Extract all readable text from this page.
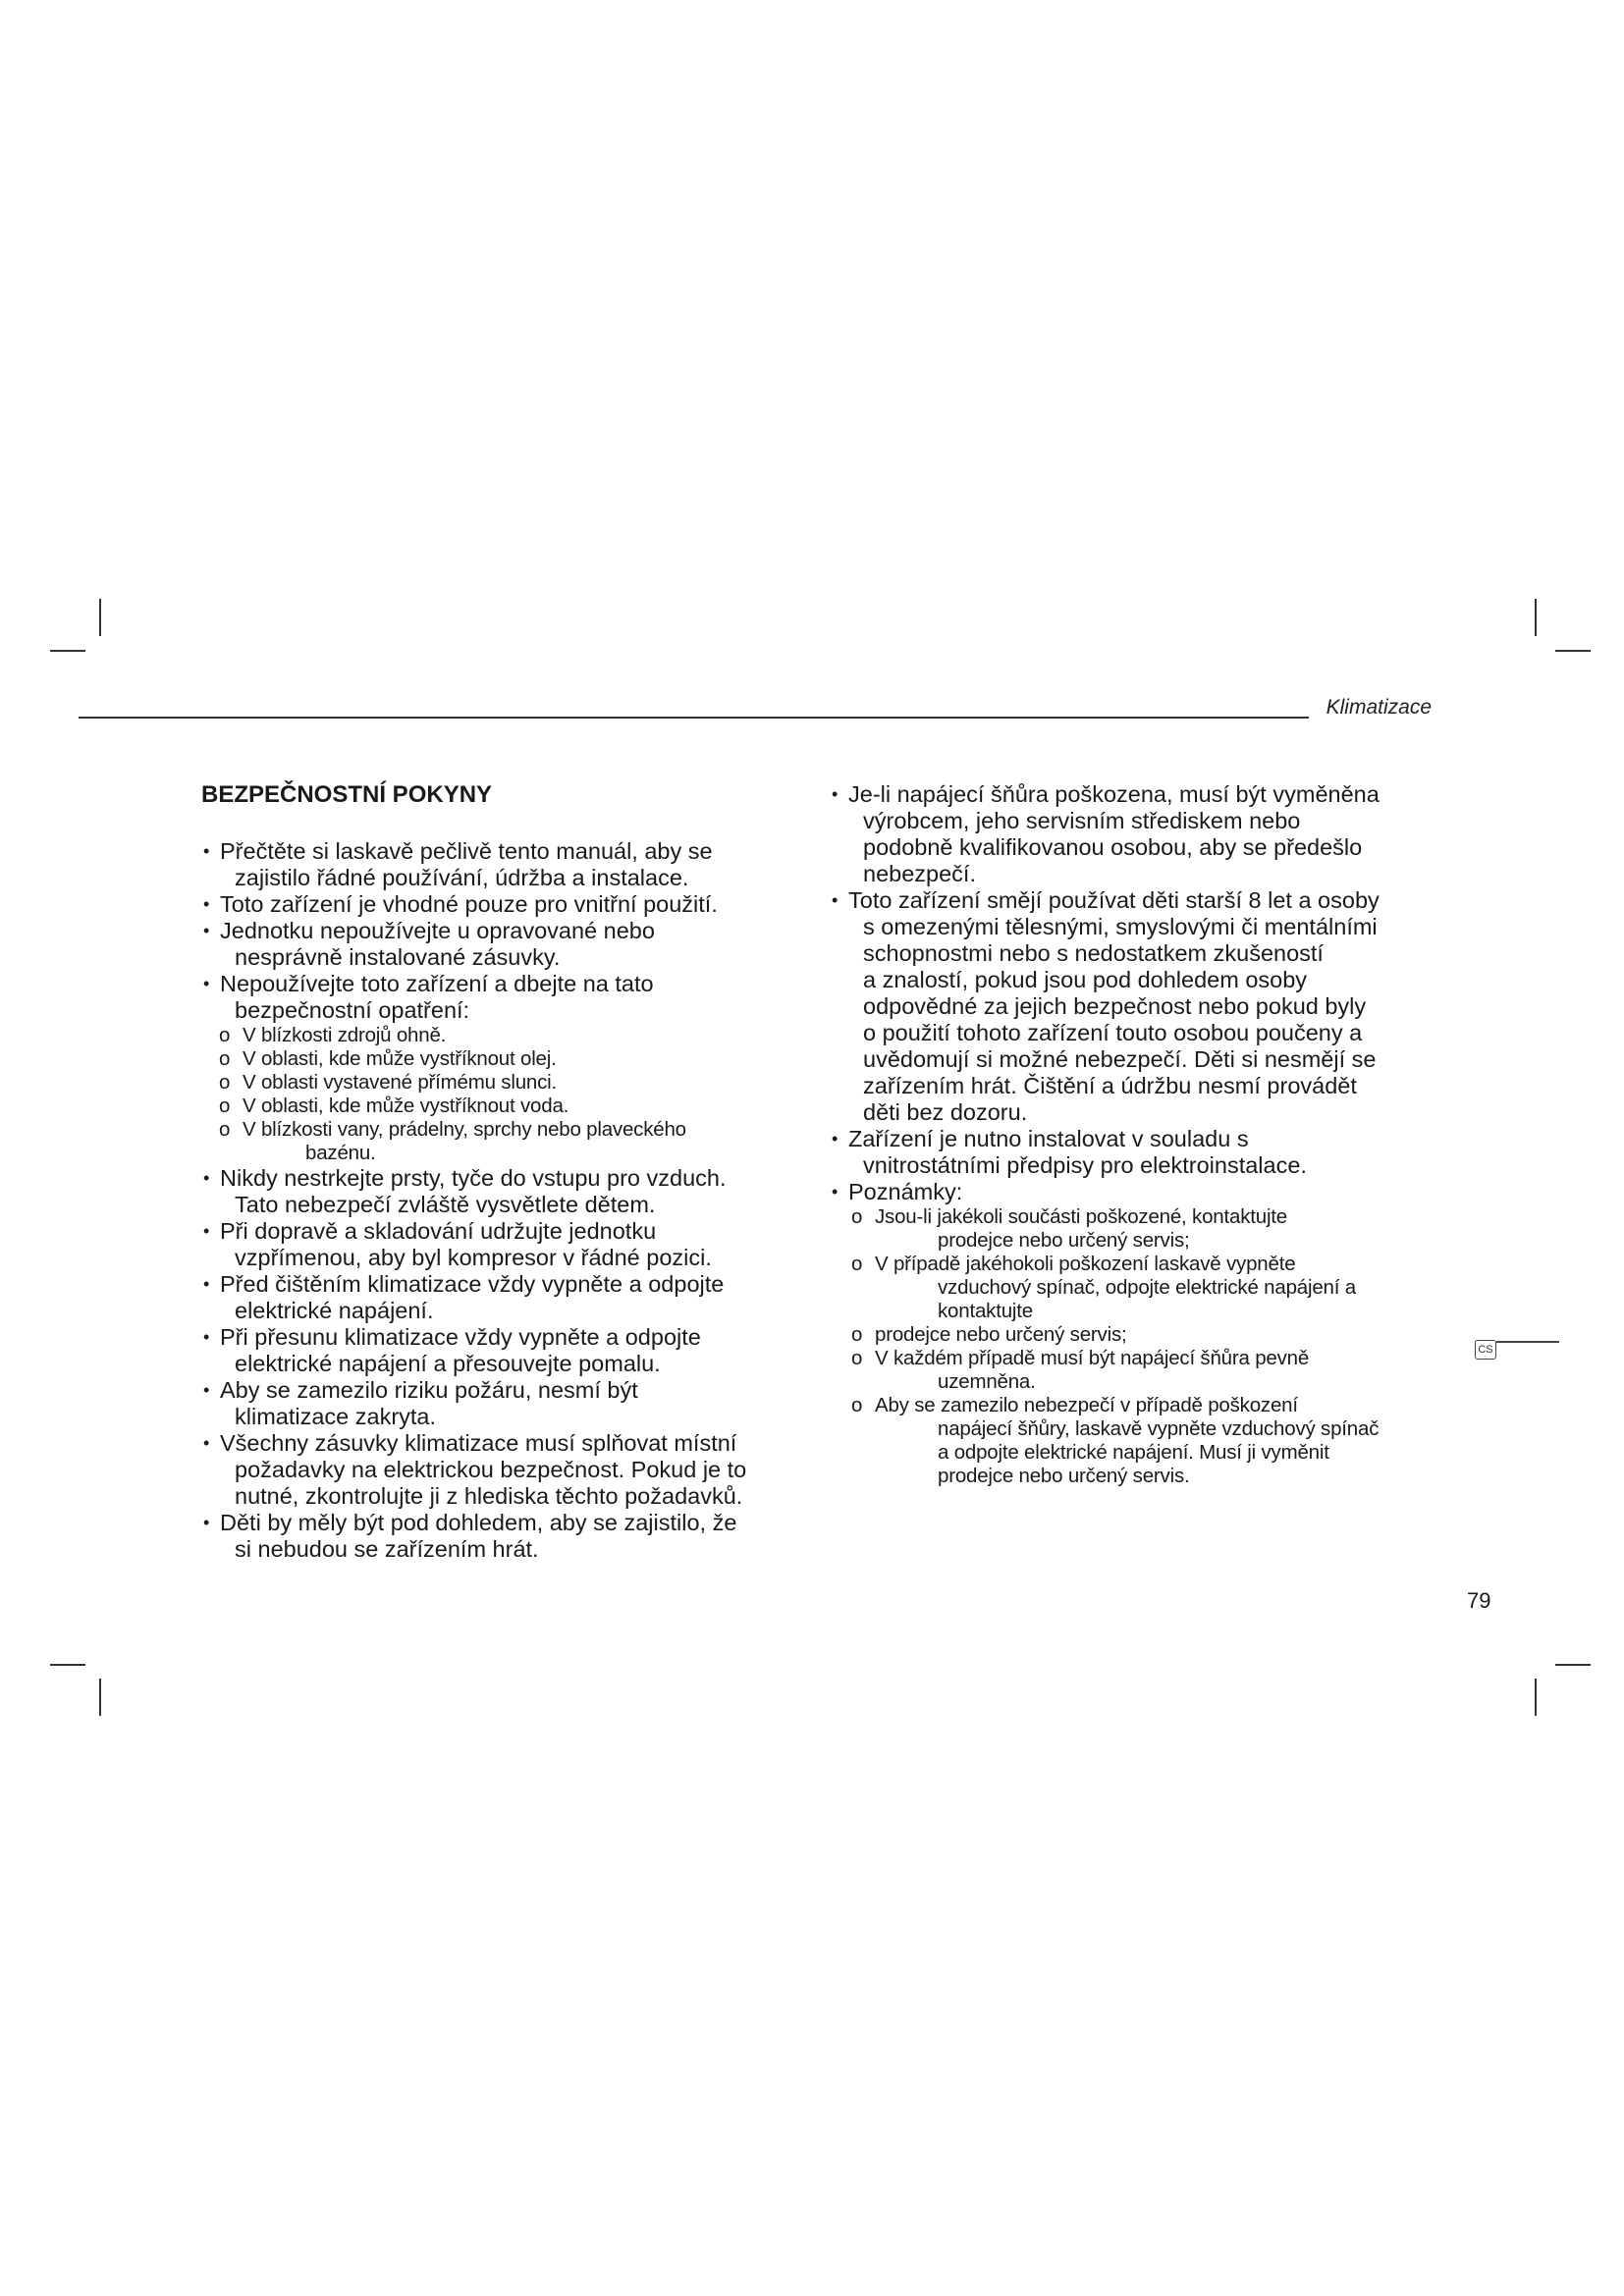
Klimatizace
BEZPEČNOSTNÍ POKYNY
• Přečtěte si laskavě pečlivě tento manuál, aby se
zajistilo řádné používání, údržba a instalace.
• Toto zařízení je vhodné pouze pro vnitřní použití.
• Jednotku nepoužívejte u opravované nebo
nesprávně instalované zásuvky.
• Nepoužívejte toto zařízení a dbejte na tato
bezpečnostní opatření:
o V blízkosti zdrojů ohně.
o V oblasti, kde může vystříknout olej.
o V oblasti vystavené přímému slunci.
o V oblasti, kde může vystříknout voda.
o V blízkosti vany, prádelny, sprchy nebo plaveckého
bazénu.
• Nikdy nestrkejte prsty, tyče do vstupu pro vzduch.
Tato nebezpečí zvláště vysvětlete dětem.
• Při dopravě a skladování udržujte jednotku
vzpřímenou, aby byl kompresor v řádné pozici.
• Před čištěním klimatizace vždy vypněte a odpojte
elektrické napájení.
• Při přesunu klimatizace vždy vypněte a odpojte
elektrické napájení a přesouvejte pomalu.
• Aby se zamezilo riziku požáru, nesmí být
klimatizace zakryta.
• Všechny zásuvky klimatizace musí splňovat místní
požadavky na elektrickou bezpečnost. Pokud je to
nutné, zkontrolujte ji z hlediska těchto požadavků.
• Děti by měly být pod dohledem, aby se zajistilo, že
si nebudou se zařízením hrát.
• Je-li napájecí šňůra poškozena, musí být vyměněna
výrobcem, jeho servisním střediskem nebo
podobně kvalifikovanou osobou, aby se předešlo
nebezpečí.
• Toto zařízení smějí používat děti starší 8 let a osoby
s omezenými tělesnými, smyslovými či mentálními
schopnostmi nebo s nedostatkem zkušeností
a znalostí, pokud jsou pod dohledem osoby
odpovědné za jejich bezpečnost nebo pokud byly
o použití tohoto zařízení touto osobou poučeny a
uvědomují si možné nebezpečí. Děti si nesmějí se
zařízením hrát. Čištění a údržbu nesmí provádět
děti bez dozoru.
• Zařízení je nutno instalovat v souladu s
vnitrostátními předpisy pro elektroinstalace.
• Poznámky:
o Jsou-li jakékoli součásti poškozené, kontaktujte
prodejce nebo určený servis;
o V případě jakéhokoli poškození laskavě vypněte
vzduchový spínač, odpojte elektrické napájení a
kontaktujte
o prodejce nebo určený servis;
o V každém případě musí být napájecí šňůra pevně
uzemněna.
o Aby se zamezilo nebezpečí v případě poškození
napájecí šňůry, laskavě vypněte vzduchový spínač
a odpojte elektrické napájení. Musí ji vyměnit
prodejce nebo určený servis.
CS
79
